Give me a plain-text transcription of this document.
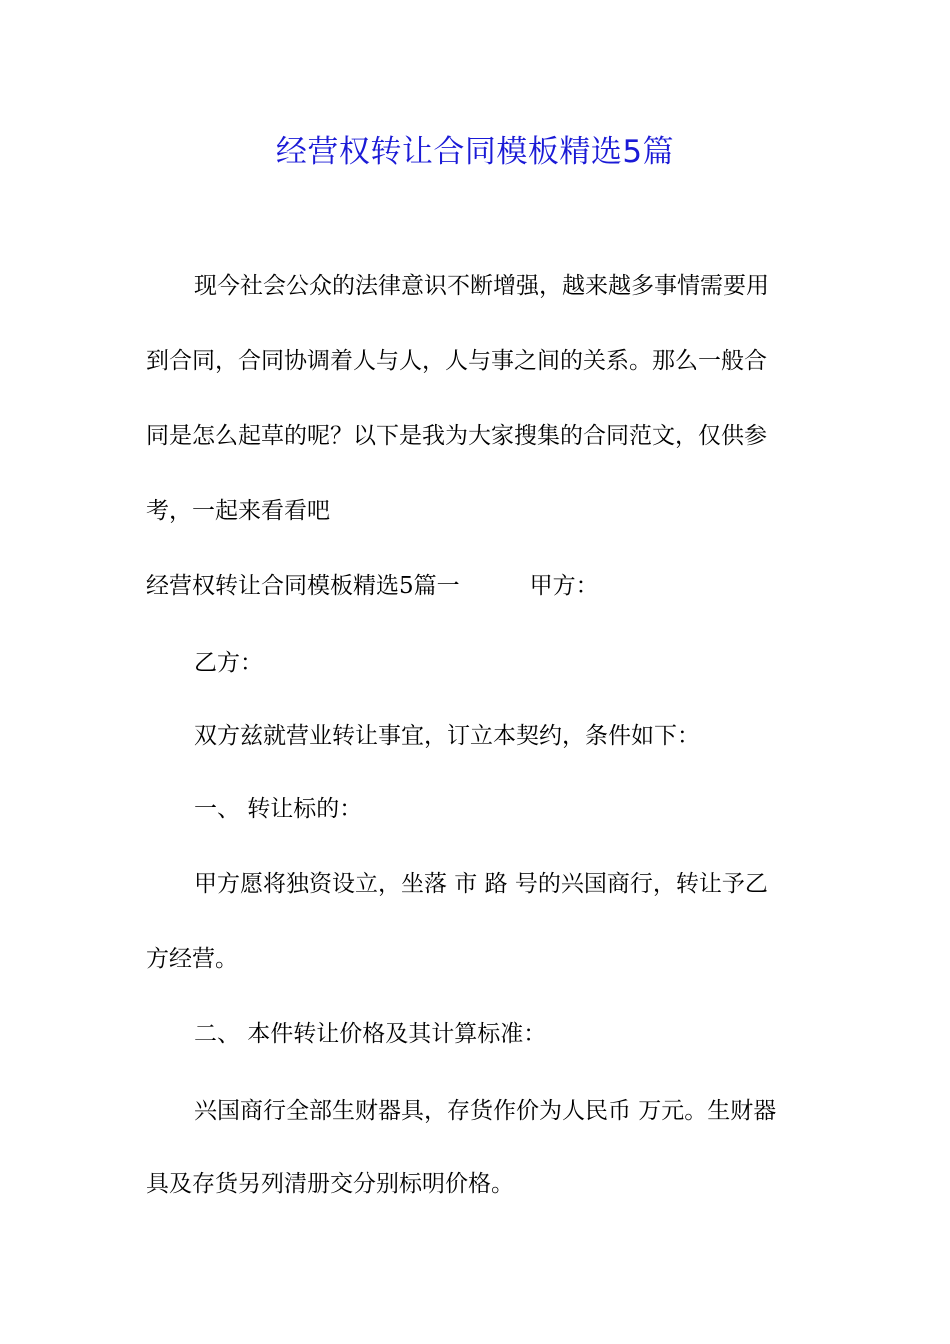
经营权转让合同模板精选5篇
现今社会公众的法律意识不断增强，越来越多事情需要用
到合同，合同协调着人与人，人与事之间的关系。那么一般合
同是怎么起草的呢？以下是我为大家搜集的合同范文，仅供参
考，一起来看看吧
经营权转让合同模板精选5篇一	甲方：
乙方：
双方兹就营业转让事宜，订立本契约，条件如下：
一、 转让标的：
甲方愿将独资设立，坐落 市 路 号的兴国商行，转让予乙
方经营。
二、 本件转让价格及其计算标准：
兴国商行全部生财器具，存货作价为人民币 万元。生财器
具及存货另列清册交分别标明价格。
